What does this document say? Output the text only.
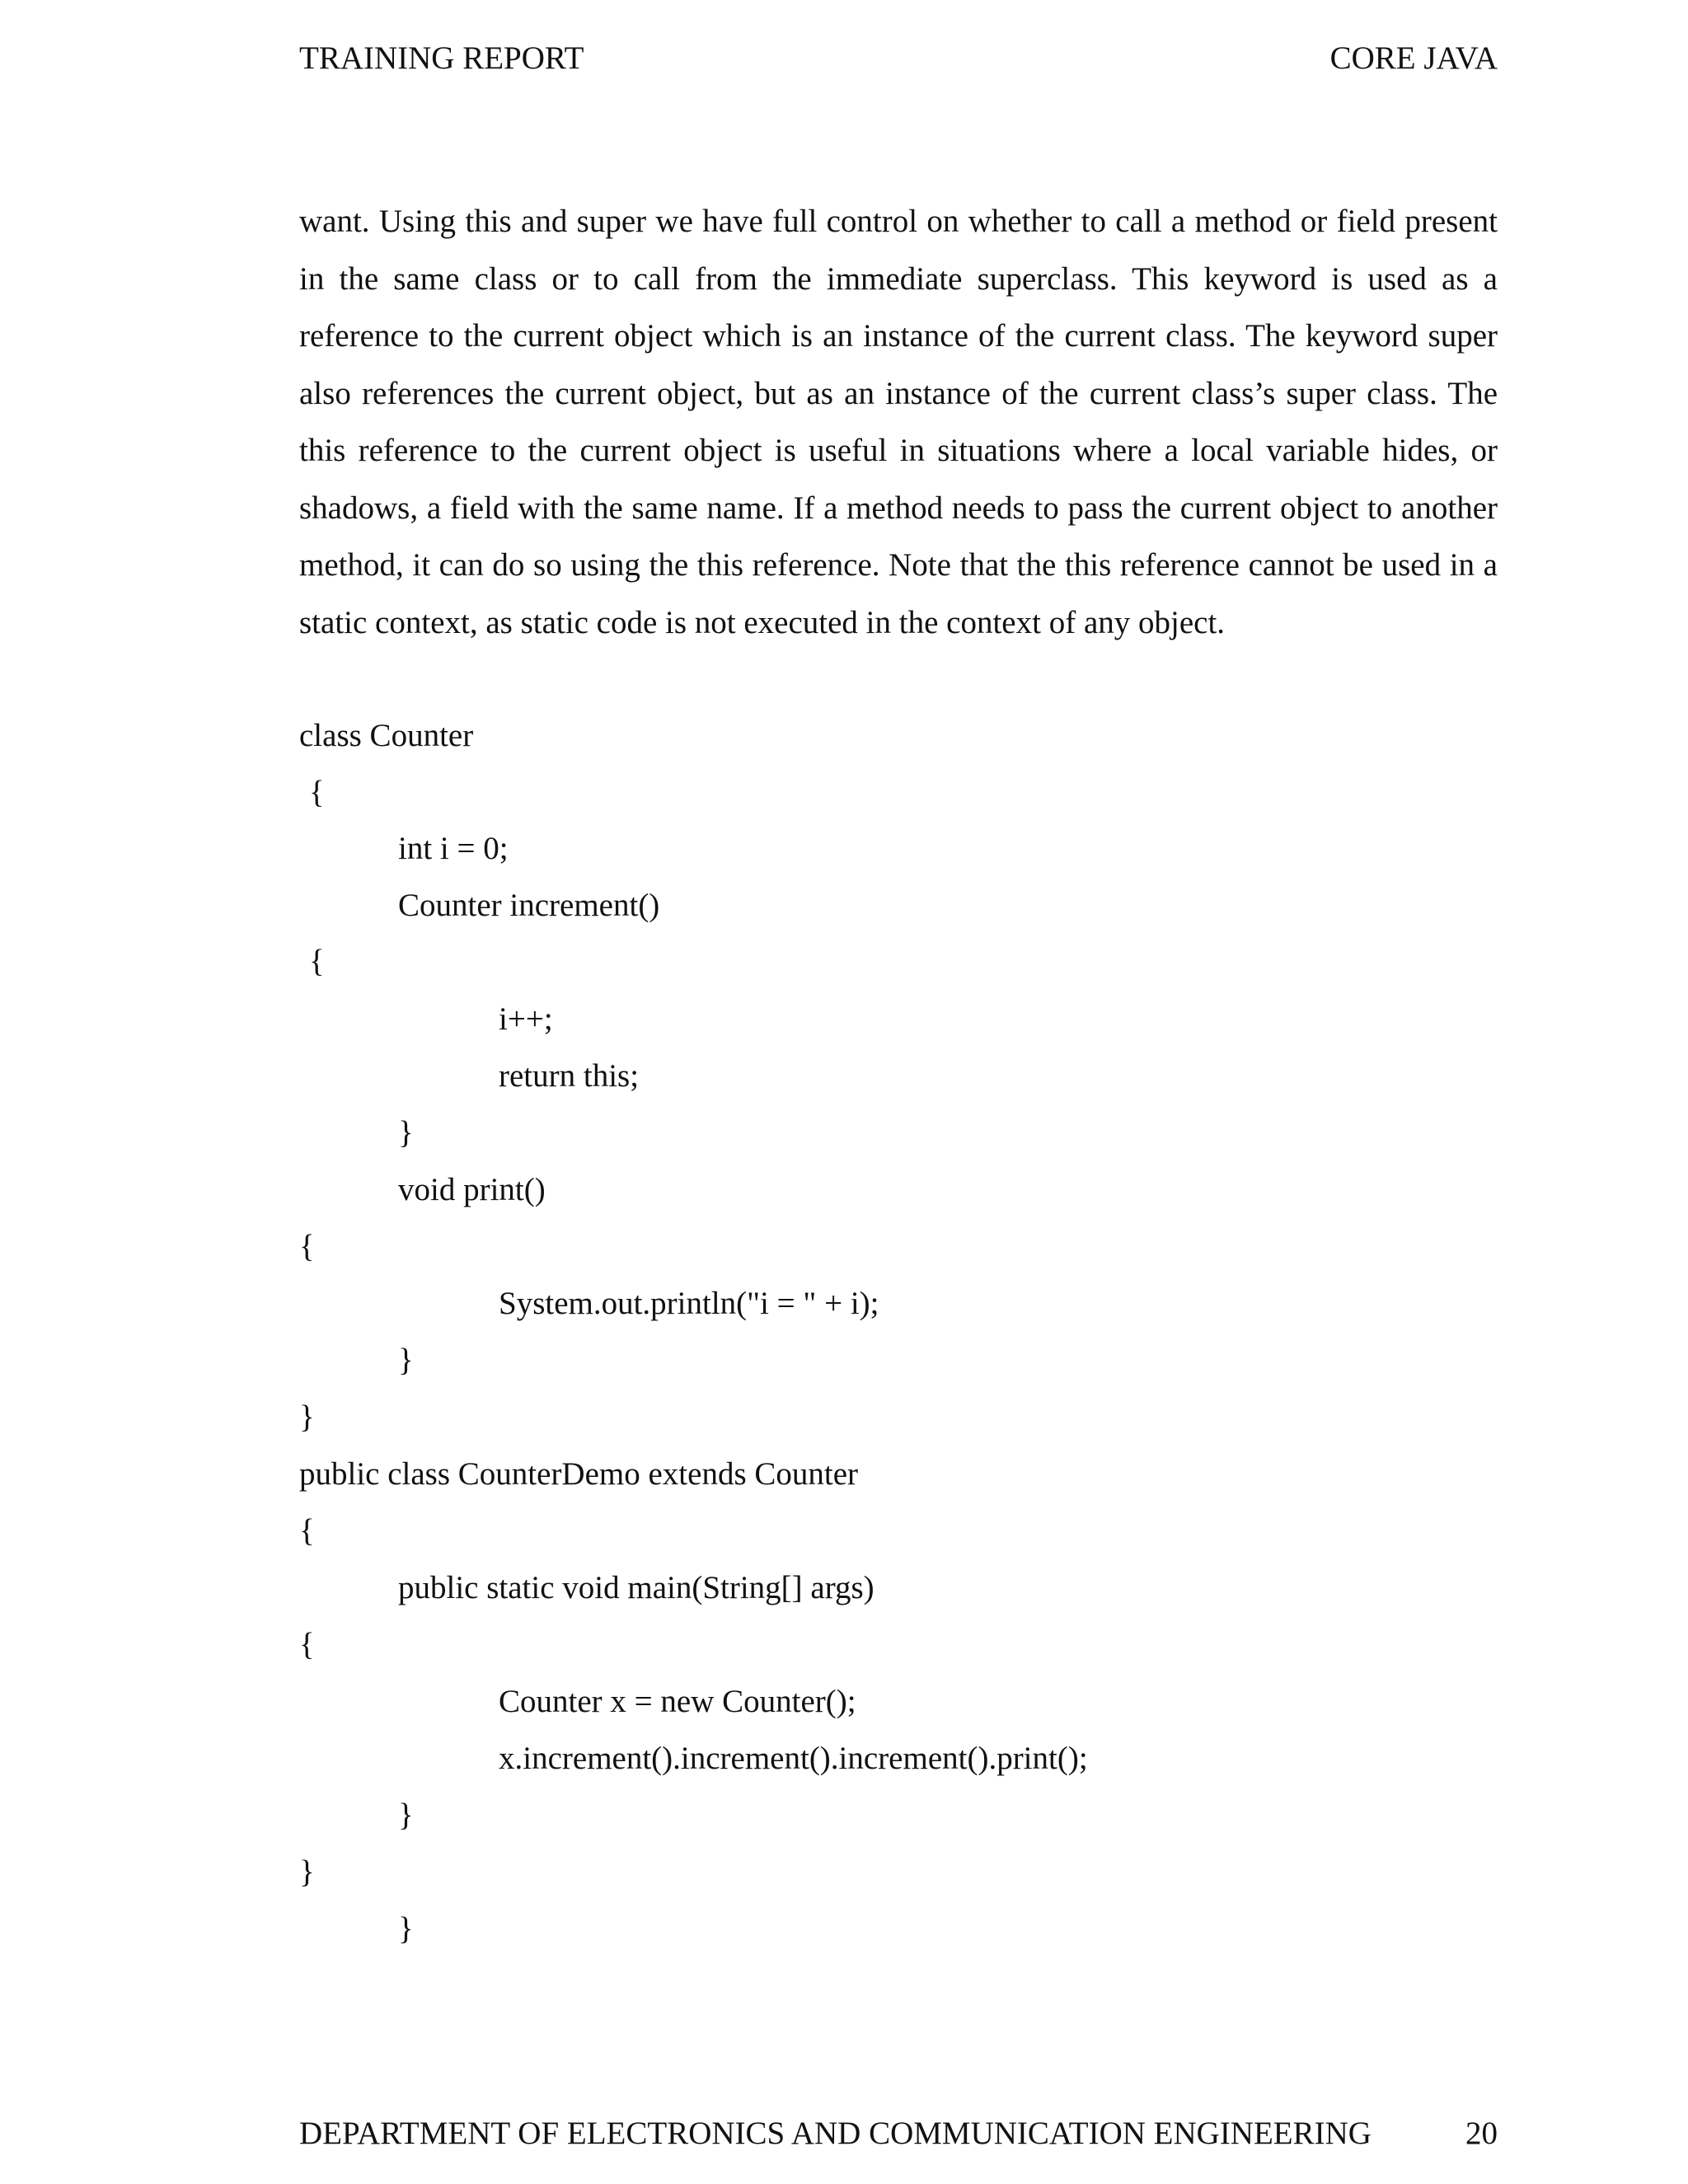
TRAINING REPORT	CORE JAVA

want. Using this and super we have full control on whether to call a method or field present in the same class or to call from the immediate superclass. This keyword is used as a reference to the current object which is an instance of the current class. The keyword super also references the current object, but as an instance of the current class’s super class. The this reference to the current object is useful in situations where a local variable hides, or shadows, a field with the same name. If a method needs to pass the current object to another method, it can do so using the this reference. Note that the this reference cannot be used in a static context, as static code is not executed in the context of any object.

class Counter
{
int i = 0;
Counter increment()
{
i++;
return this;
}
void print()
{
System.out.println("i = " + i);
}
}
public class CounterDemo extends Counter
{
public static void main(String[] args)
{
Counter x = new Counter();
x.increment().increment().increment().print();
}
}
}
DEPARTMENT OF ELECTRONICS AND COMMUNICATION ENGINEERING	20
